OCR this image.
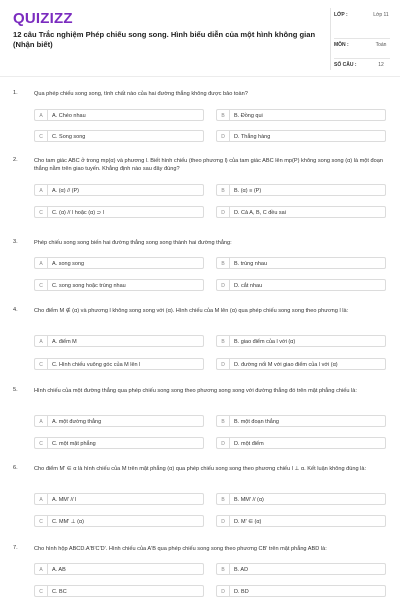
QUIZIZZ
12 câu Trắc nghiệm Phép chiếu song song. Hình biểu diễn của một hình không gian (Nhận biết)
LỚP :	Lớp 11
MÔN :	Toán
SỐ CÂU :	12
1.	Qua phép chiếu song song, tính chất nào của hai đường thẳng không được bảo toàn?
A	A. Chéo nhau	B	B. Đồng qui
C	C. Song song	D	D. Thẳng hàng
2.	Cho tam giác ABC ở trong mp(α) và phương l. Biết hình chiếu (theo phương l) của tam giác ABC lên mp(P) không song song (α) là một đoạn thẳng nằm trên giao tuyến. Khẳng định nào sau đây đúng?
A	A. (α) // (P)	B	B. (α) ≡ (P)
C	C. (α) // l hoặc (α) ⊃ l	D	D. Cả A, B, C đều sai
3.	Phép chiếu song song biến hai đường thẳng song song thành hai đường thẳng:
A	A. song song	B	B. trùng nhau
C	C. song song hoặc trùng nhau	D	D. cắt nhau
4.	Cho điểm M ∉ (α) và phương l không song song với (α). Hình chiếu của M lên (α) qua phép chiếu song song theo phương l là:
A	A. điểm M	B	B. giao điểm của l với (α)
C	C. Hình chiếu vuông góc của M lên l	D	D. đường nối M với giao điểm của l với (α)
5.	Hình chiếu của một đường thẳng qua phép chiếu song song theo phương song song với đường thẳng đó trên mặt phẳng chiếu là:
A	A. một đường thẳng	B	B. một đoạn thẳng
C	C. một mặt phẳng	D	D. một điểm
6.	Cho điểm M' ∈ α là hình chiếu của M trên mặt phẳng (α) qua phép chiếu song song theo phương chiếu l ⊥ α. Kết luận không đúng là:
A	A. MM' // l	B	B. MM' // (α)
C	C. MM' ⊥ (α)	D	D. M' ∈ (α)
7.	Cho hình hộp ABCD.A'B'C'D'. Hình chiếu của A'B qua phép chiếu song song theo phương CB' trên mặt phẳng ABD là:
A	A. AB	B	B. AD
C	C. BC	D	D. BD
